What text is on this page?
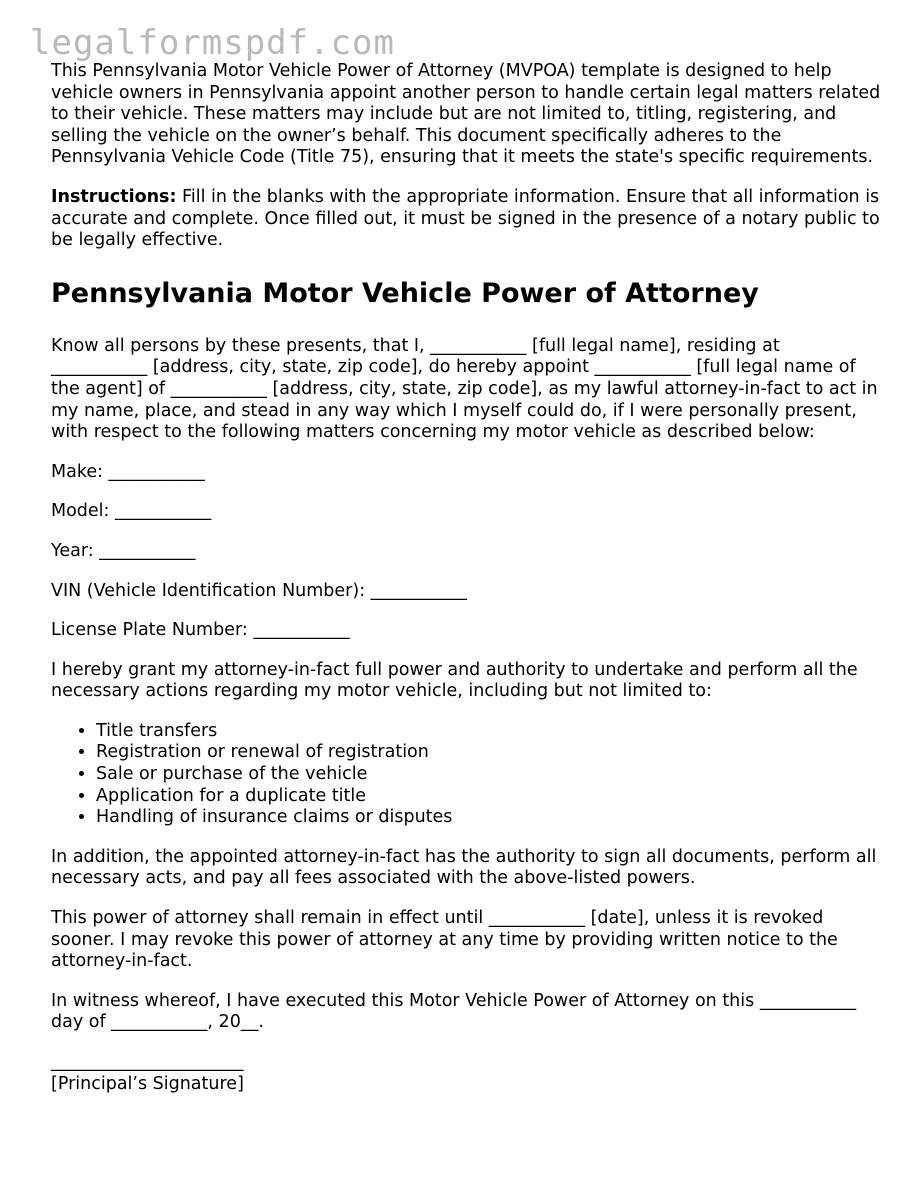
legalformspdf.com

This Pennsylvania Motor Vehicle Power of Attorney (MVPOA) template is designed to help vehicle owners in Pennsylvania appoint another person to handle certain legal matters related to their vehicle. These matters may include but are not limited to, titling, registering, and selling the vehicle on the owner’s behalf. This document specifically adheres to the Pennsylvania Vehicle Code (Title 75), ensuring that it meets the state's specific requirements.

Instructions: Fill in the blanks with the appropriate information. Ensure that all information is accurate and complete. Once filled out, it must be signed in the presence of a notary public to be legally effective.

Pennsylvania Motor Vehicle Power of Attorney

Know all persons by these presents, that I, ___________ [full legal name], residing at ___________ [address, city, state, zip code], do hereby appoint ___________ [full legal name of the agent] of ___________ [address, city, state, zip code], as my lawful attorney-in-fact to act in my name, place, and stead in any way which I myself could do, if I were personally present, with respect to the following matters concerning my motor vehicle as described below:

Make: ___________

Model: ___________

Year: ___________

VIN (Vehicle Identification Number): ___________

License Plate Number: ___________

I hereby grant my attorney-in-fact full power and authority to undertake and perform all the necessary actions regarding my motor vehicle, including but not limited to:

• Title transfers
• Registration or renewal of registration
• Sale or purchase of the vehicle
• Application for a duplicate title
• Handling of insurance claims or disputes

In addition, the appointed attorney-in-fact has the authority to sign all documents, perform all necessary acts, and pay all fees associated with the above-listed powers.

This power of attorney shall remain in effect until ___________ [date], unless it is revoked sooner. I may revoke this power of attorney at any time by providing written notice to the attorney-in-fact.

In witness whereof, I have executed this Motor Vehicle Power of Attorney on this ___________ day of ___________, 20__.

______________________

[Principal’s Signature]
